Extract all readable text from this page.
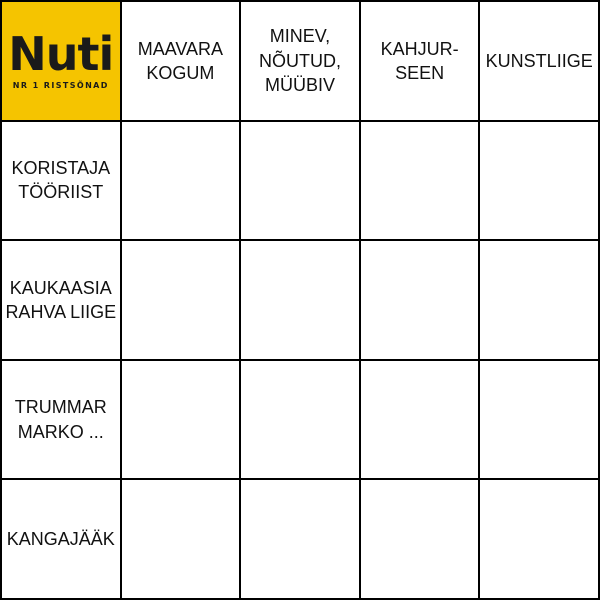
Nuti
NR 1 RISTSÕNAD
MAAVARA
KOGUM
MINEV,
NÕUTUD,
MÜÜBIV
KAHJUR-
SEEN
KUNSTLIIGE
KORISTAJA
TÖÖRIIST
KAUKAASIA
RAHVA LIIGE
TRUMMAR
MARKO ...
KANGAJÄÄK
